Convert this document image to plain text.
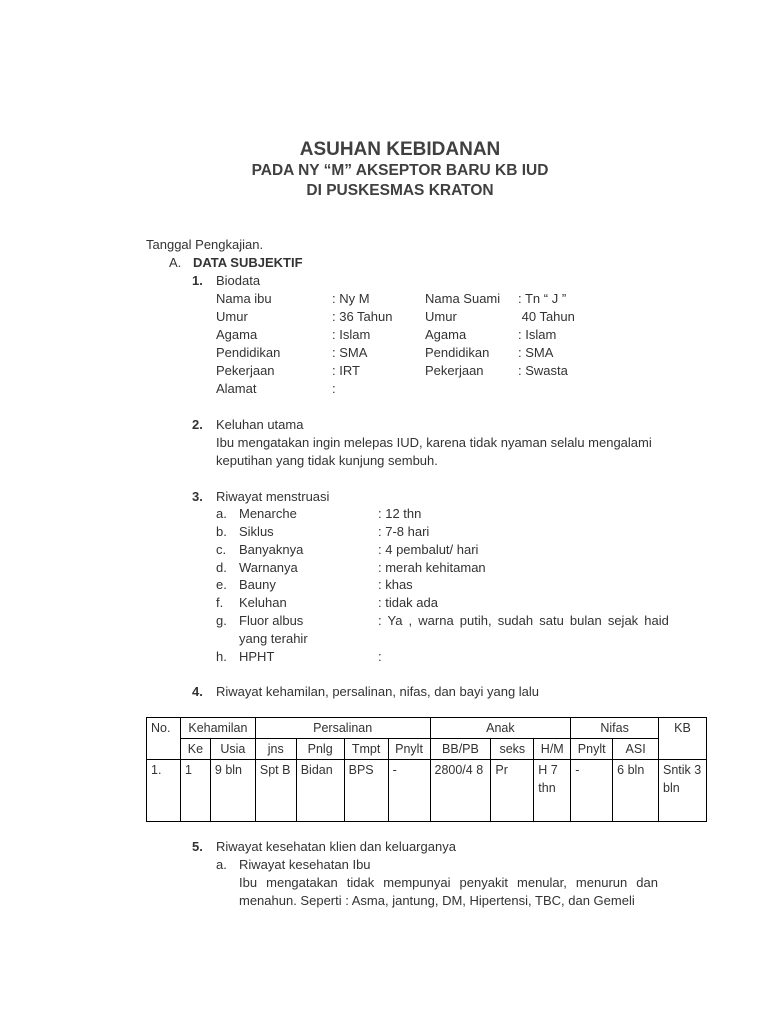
ASUHAN KEBIDANAN
PADA NY “M” AKSEPTOR BARU KB IUD
DI PUSKESMAS KRATON
Tanggal Pengkajian.
A. DATA SUBJEKTIF
1. Biodata
Nama ibu	: Ny M	Nama Suami : Tn “ J ”
Umur	: 36 Tahun	Umur	40 Tahun
Agama	: Islam	Agama	: Islam
Pendidikan	: SMA	Pendidikan : SMA
Pekerjaan	: IRT	Pekerjaan	: Swasta
Alamat	:
2. Keluhan utama
Ibu mengatakan ingin melepas IUD, karena tidak nyaman selalu mengalami
keputihan yang tidak kunjung sembuh.
3. Riwayat menstruasi
a. Menarche	: 12 thn
b. Siklus	: 7-8 hari
c. Banyaknya	: 4 pembalut/ hari
d. Warnanya	: merah kehitaman
e. Bauny	: khas
f. Keluhan	: tidak ada
g. Fluor albus	: Ya , warna putih, sudah satu bulan sejak haid
yang terahir
h. HPHT	:
4. Riwayat kehamilan, persalinan, nifas, dan bayi yang lalu
No.	Kehamilan		Persalinan				Anak			Nifas		KB
	Ke	Usia	jns	Pnlg	Tmpt	Pnylt	BB/PB	seks	H/M	Pnylt	ASI	
1.	1	9 bln	Spt B	Bidan	BPS	-	2800/4 8	Pr	H 7 thn	-	6 bln	Sntik 3 bln
5. Riwayat kesehatan klien dan keluarganya
a. Riwayat kesehatan Ibu
Ibu mengatakan tidak mempunyai penyakit menular, menurun dan menahun. Seperti : Asma, jantung, DM, Hipertensi, TBC, dan Gemeli
